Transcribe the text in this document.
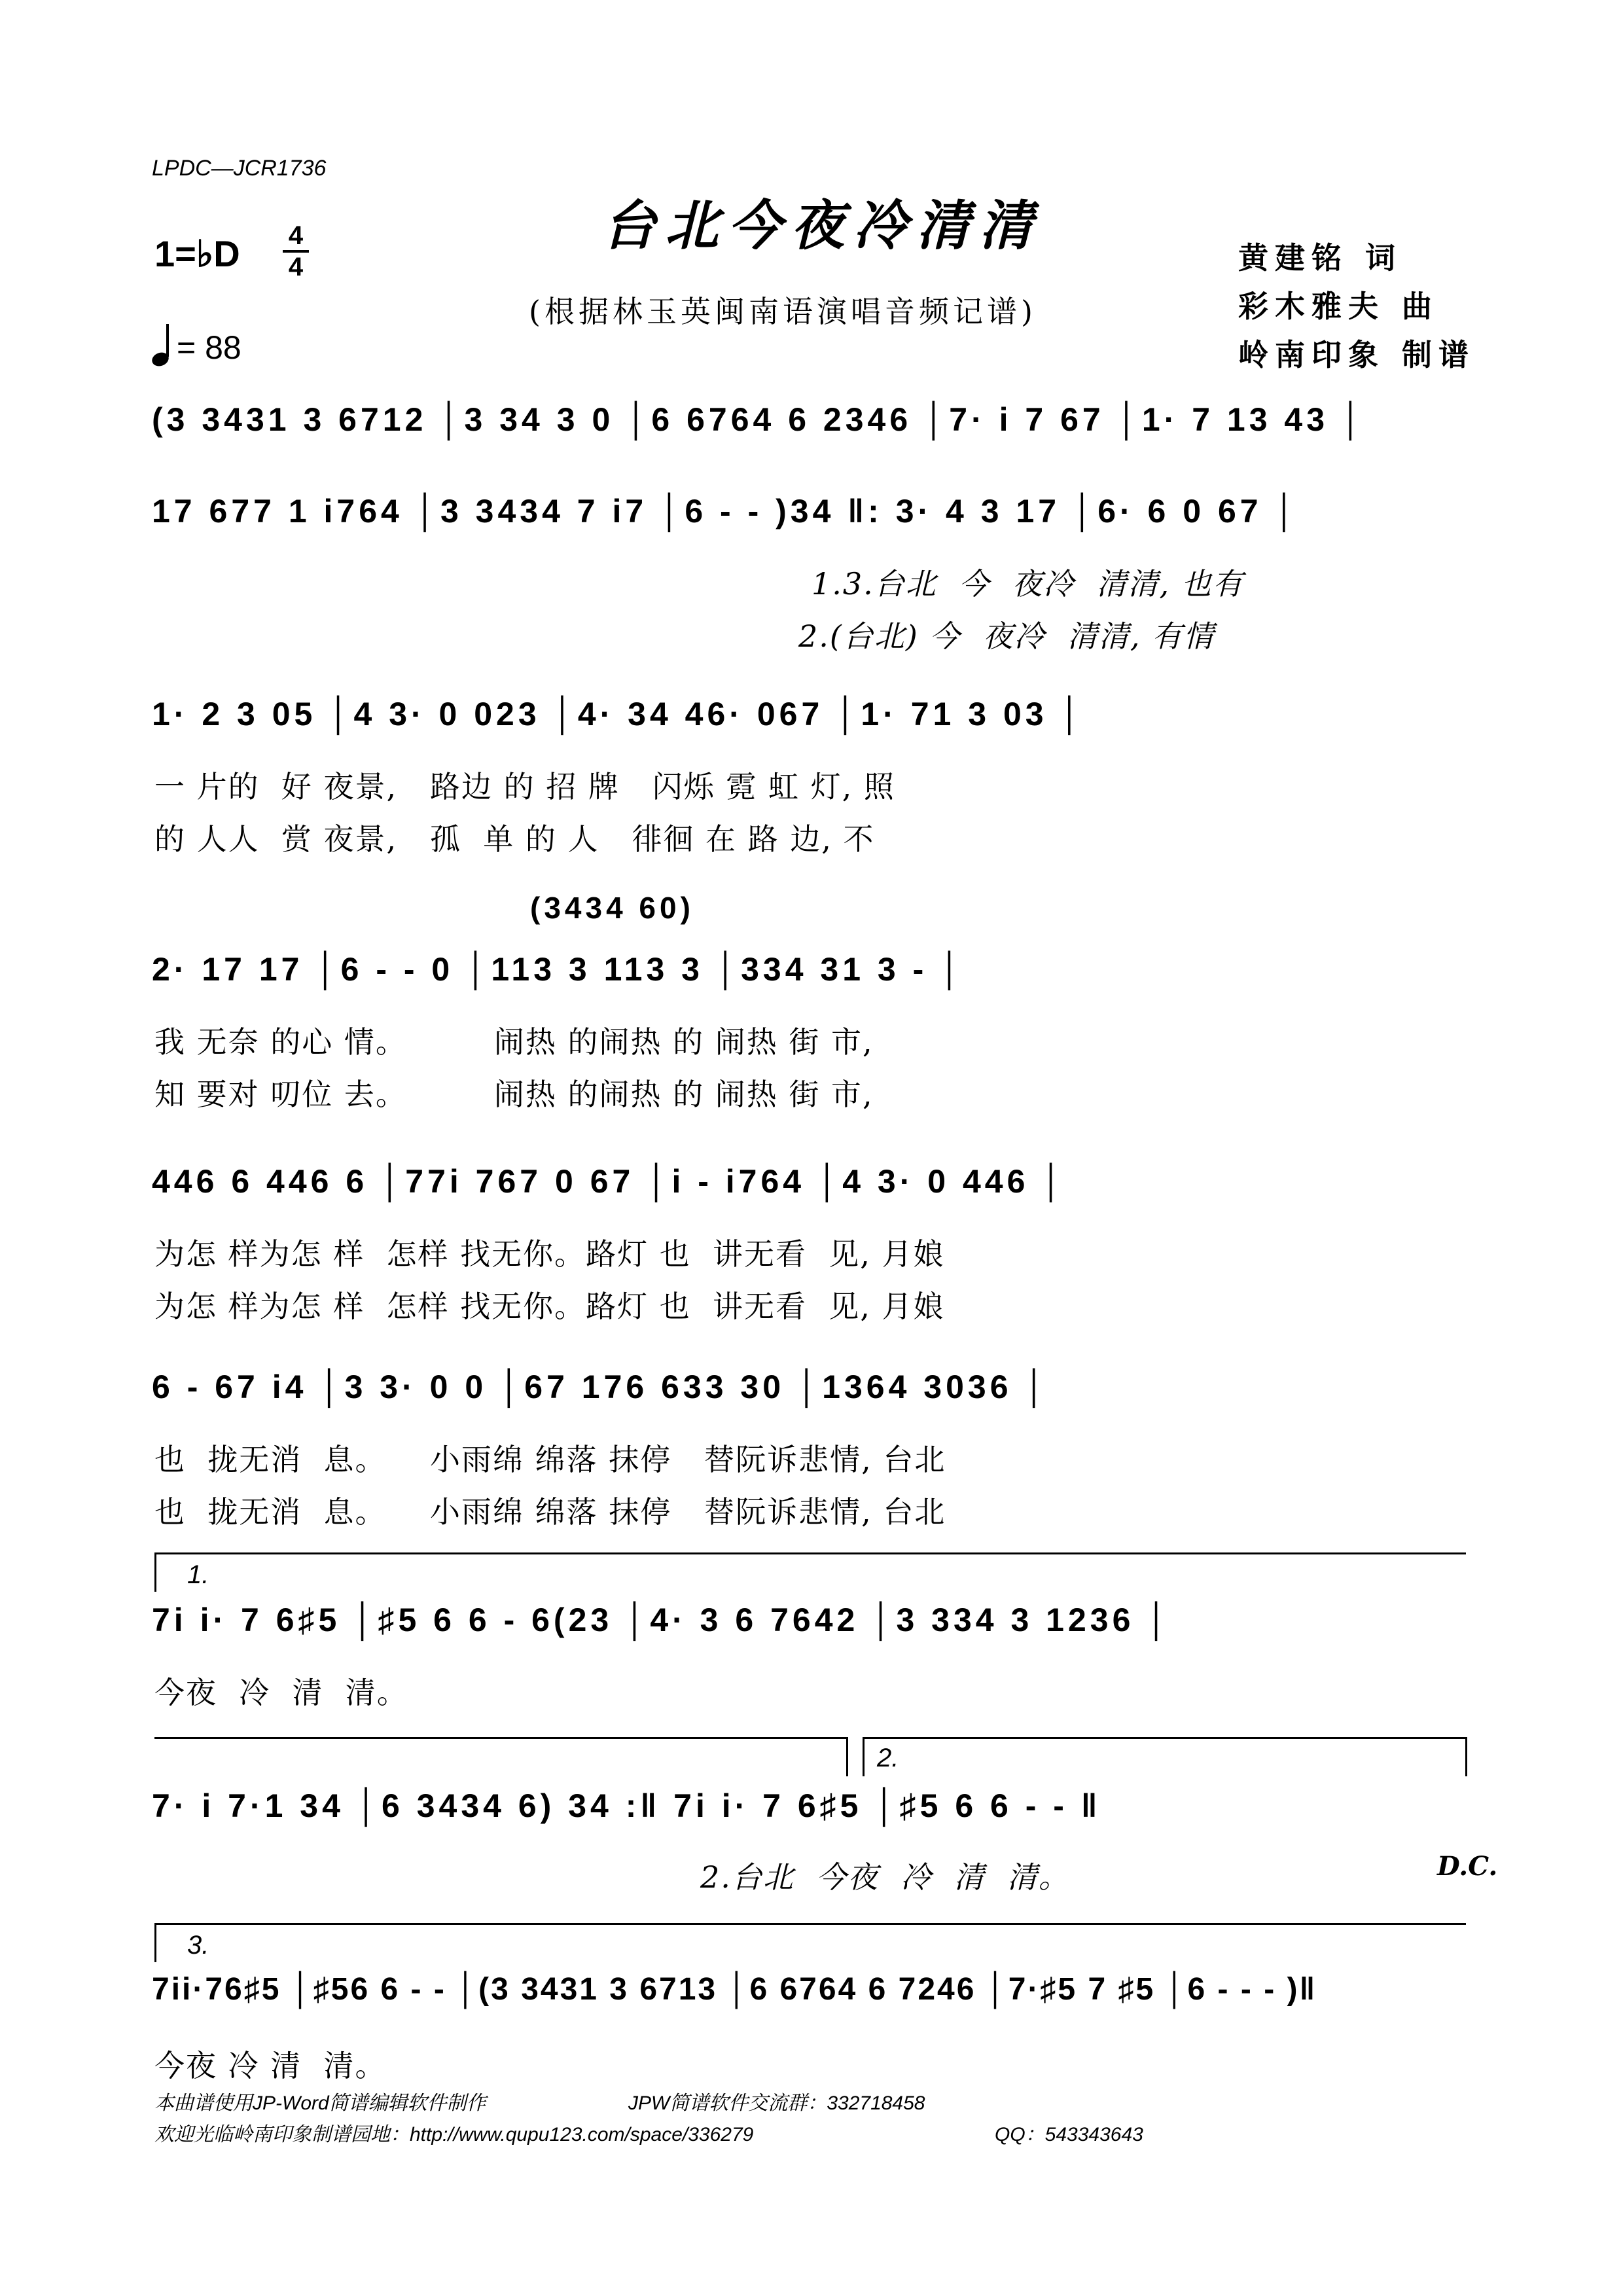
LPDC—JCR1736
台北今夜冷清清
(根据林玉英闽南语演唱音频记谱)
1=♭D 4
4
= 88
黄建铭 词
彩木雅夫 曲
岭南印象 制谱
(3 3431 3 6712 │3 34 3 0 │6 6764 6 2346 │7· i 7 67 │1· 7 13 43 │
17 677 1 i764 │3 3434 7 i7 │6 - - )34 ‖: 3· 4 3 17 │6· 6 0 67 │
1.3.台北  今  夜冷  清清, 也有
2.(台北) 今  夜冷  清清, 有情
1· 2 3 05 │4 3· 0 023 │4· 34 46· 067 │1· 71 3 03 │
一 片的  好 夜景,   路边 的 招 牌   闪烁 霓 虹 灯, 照
的 人人  赏 夜景,   孤  单 的 人   徘徊 在 路 边, 不
(3434 60)
2· 17 17 │6 - - 0 │113 3 113 3 │334 31 3 - │
我 无奈 的心 情。        闹热 的闹热 的 闹热 街 市,
知 要对 叨位 去。        闹热 的闹热 的 闹热 街 市,
446 6 446 6 │77i 767 0 67 │i - i764 │4 3· 0 446 │
为怎 样为怎 样  怎样 找无你。路灯 也  讲无看  见, 月娘
为怎 样为怎 样  怎样 找无你。路灯 也  讲无看  见, 月娘
6 - 67 i4 │3 3· 0 0 │67 176 633 30 │1364 3036 │
也  拢无消  息。    小雨绵 绵落 抹停   替阮诉悲情, 台北
也  拢无消  息。    小雨绵 绵落 抹停   替阮诉悲情, 台北
1.
7i i· 7 6♯5 │♯5 6 6 - 6(23 │4· 3 6 7642 │3 334 3 1236 │
今夜  冷  清  清。
2.
7· i 7·1 34 │6 3434 6) 34 :‖ 7i i· 7 6♯5 │♯5 6 6 - - ‖
2.台北  今夜  冷  清  清。	D.C.
3.
7ii·76♯5 │♯56 6 - - │(3 3431 3 6713 │6 6764 6 7246 │7·♯5 7 ♯5 │6 - - - )‖
今夜 冷 清  清。
本曲谱使用JP-Word简谱编辑软件制作	JPW简谱软件交流群：332718458
欢迎光临岭南印象制谱园地：http://www.qupu123.com/space/336279	QQ：543343643
